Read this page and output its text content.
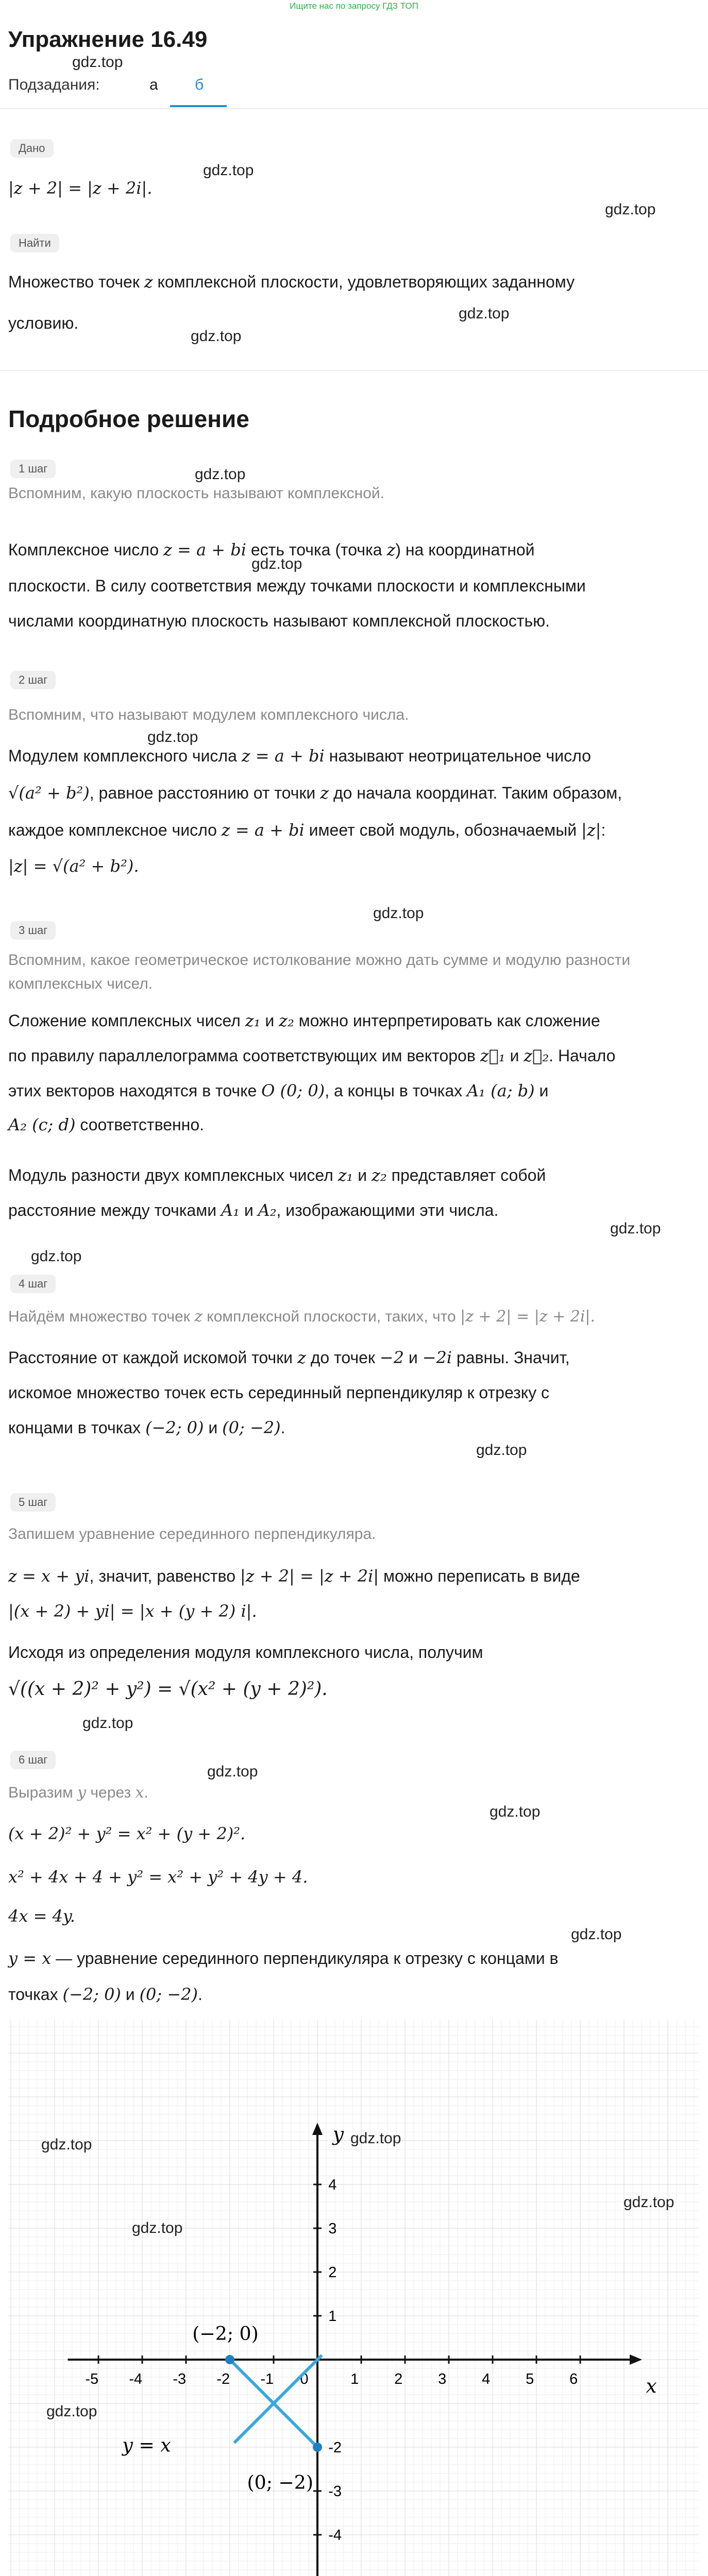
Ищите нас по запросу ГДЗ ТОП
Упражнение 16.49
gdz.top
Подзадания:	а б
Дано
gdz.top
|z + 2| = |z + 2i|.
gdz.top
Найти
Множество точек z комплексной плоскости, удовлетворяющих заданному
gdz.top
условию.
gdz.top
Подробное решение
1 шаг	gdz.top
Вспомним, какую плоскость называют комплексной.
Комплексное число z = a + bi есть точка (точка z) на координатной
gdz.top
плоскости. В силу соответствия между точками плоскости и комплексными
числами координатную плоскость называют комплексной плоскостью.
2 шаг
Вспомним, что называют модулем комплексного числа.
gdz.top
Модулем комплексного числа z = a + bi называют неотрицательное число
√(a² + b²), равное расстоянию от точки z до начала координат. Таким образом,
каждое комплексное число z = a + bi имеет свой модуль, обозначаемый |z|:
|z| = √(a² + b²).
gdz.top
3 шаг
Вспомним, какое геометрическое истолкование можно дать сумме и модулю разности
комплексных чисел.
Сложение комплексных чисел z₁ и z₂ можно интерпретировать как сложение
по правилу параллелограмма соответствующих им векторов z⃗₁ и z⃗₂. Начало
этих векторов находятся в точке O (0; 0), а концы в точках A₁ (a; b) и
A₂ (c; d) соответственно.
Модуль разности двух комплексных чисел z₁ и z₂ представляет собой
расстояние между точками A₁ и A₂, изображающими эти числа.
gdz.top
gdz.top
4 шаг
Найдём множество точек z комплексной плоскости, таких, что |z + 2| = |z + 2i|.
Расстояние от каждой искомой точки z до точек −2 и −2i равны. Значит,
искомое множество точек есть серединный перпендикуляр к отрезку с
концами в точках (−2; 0) и (0; −2).
gdz.top
5 шаг
Запишем уравнение серединного перпендикуляра.
z = x + yi, значит, равенство |z + 2| = |z + 2i| можно переписать в виде
|(x + 2) + yi| = |x + (y + 2) i|.
Исходя из определения модуля комплексного числа, получим
√((x + 2)² + y²) = √(x² + (y + 2)²).
gdz.top
6 шаг
gdz.top
Выразим y через x.
gdz.top
(x + 2)² + y² = x² + (y + 2)².
x² + 4x + 4 + y² = x² + y² + 4y + 4.
4x = 4y.
gdz.top
y = x — уравнение серединного перпендикуляра к отрезку с концами в
точках (−2; 0) и (0; −2).
x
y
-5 -4 -3 -2 -1 0	1 2 3 4 5 6
4
3
2
1
-2
-3
-4
(−2; 0)
(0; −2)
y = x
gdz.top	gdz.top
gdz.top
gdz.top
gdz.top
